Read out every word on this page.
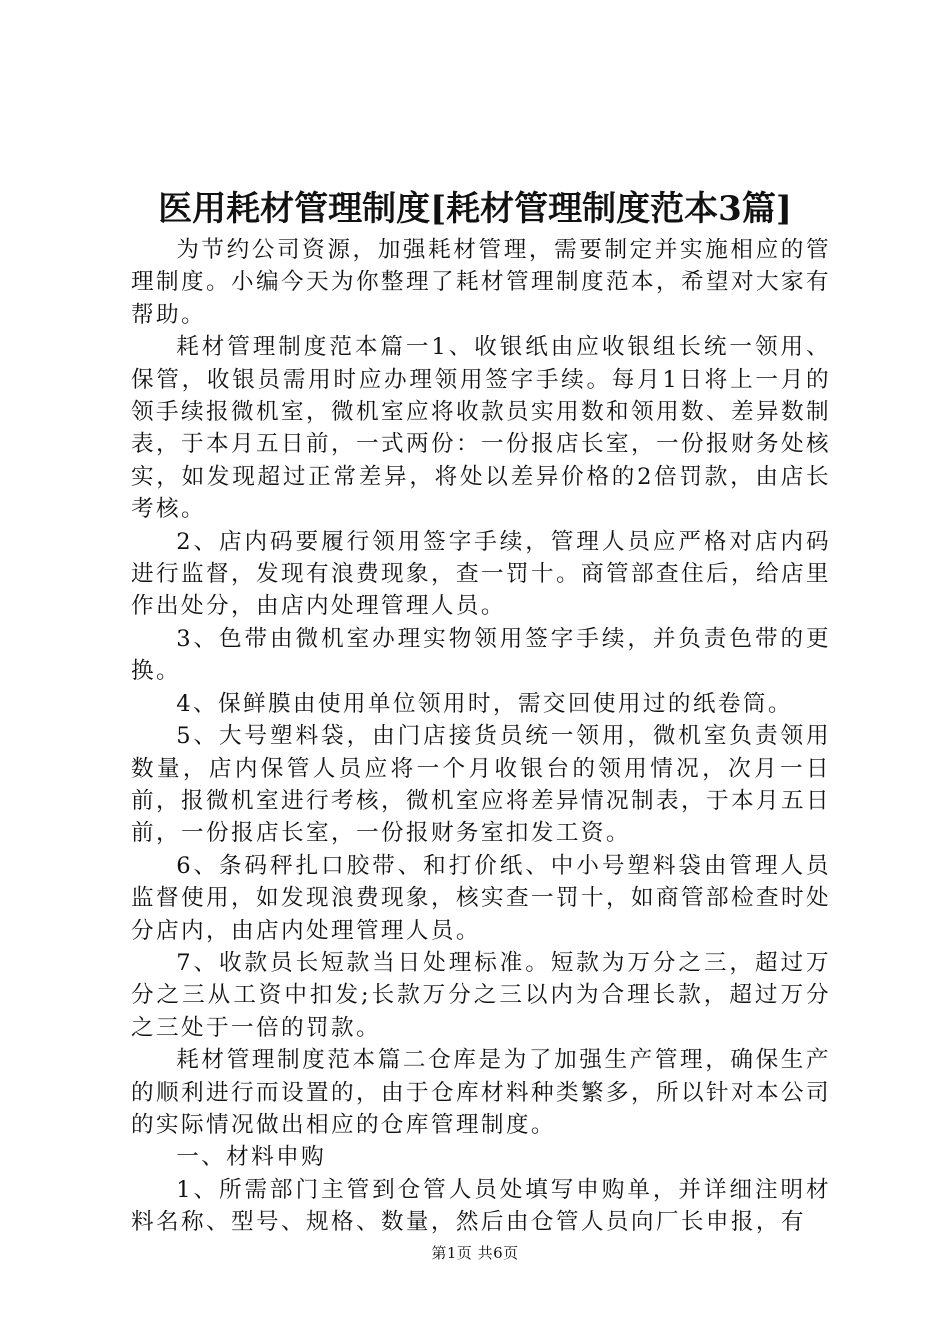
医用耗材管理制度[耗材管理制度范本3篇]

为节约公司资源，加强耗材管理，需要制定并实施相应的管理制度。小编今天为你整理了耗材管理制度范本，希望对大家有帮助。

耗材管理制度范本篇一1、收银纸由应收银组长统一领用、保管，收银员需用时应办理领用签字手续。每月1日将上一月的领手续报微机室，微机室应将收款员实用数和领用数、差异数制表，于本月五日前，一式两份：一份报店长室，一份报财务处核实，如发现超过正常差异，将处以差异价格的2倍罚款，由店长考核。

2、店内码要履行领用签字手续，管理人员应严格对店内码进行监督，发现有浪费现象，查一罚十。商管部查住后，给店里作出处分，由店内处理管理人员。

3、色带由微机室办理实物领用签字手续，并负责色带的更换。

4、保鲜膜由使用单位领用时，需交回使用过的纸卷筒。

5、大号塑料袋，由门店接货员统一领用，微机室负责领用数量，店内保管人员应将一个月收银台的领用情况，次月一日前，报微机室进行考核，微机室应将差异情况制表，于本月五日前，一份报店长室，一份报财务室扣发工资。

6、条码秤扎口胶带、和打价纸、中小号塑料袋由管理人员监督使用，如发现浪费现象，核实查一罚十，如商管部检查时处分店内，由店内处理管理人员。

7、收款员长短款当日处理标准。短款为万分之三，超过万分之三从工资中扣发;长款万分之三以内为合理长款，超过万分之三处于一倍的罚款。

耗材管理制度范本篇二仓库是为了加强生产管理，确保生产的顺利进行而设置的，由于仓库材料种类繁多，所以针对本公司的实际情况做出相应的仓库管理制度。

一、材料申购

1、所需部门主管到仓管人员处填写申购单，并详细注明材料名称、型号、规格、数量，然后由仓管人员向厂长申报，有

第1页 共6页
